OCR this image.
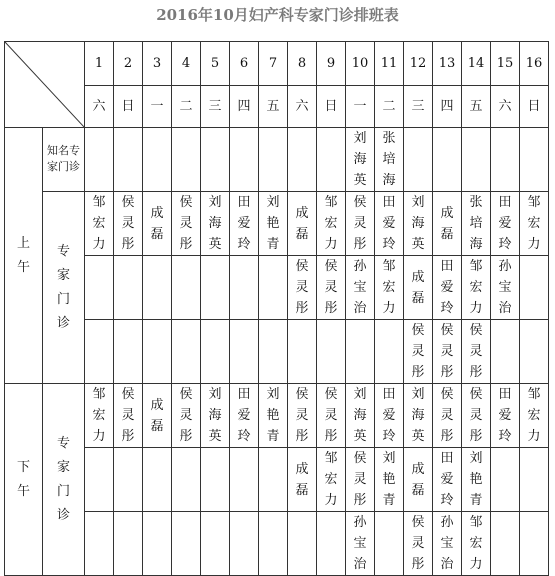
2016年10月妇产科专家门诊排班表
	1	2	3	4	5	6	7	8	9	10	11	12	13	14	15	16
		六	日	一	二	三	四	五	六	日	一	二	三	四	五	六	日
上午	知名专家门诊										刘海英	张培海					
	专家门诊	邹宏力	侯灵彤	成磊	侯灵彤	刘海英	田爱玲	刘艳青	成磊	邹宏力	侯灵彤	田爱玲	刘海英	成磊	张培海	田爱玲	邹宏力
									侯灵彤	侯灵彤	孙宝治	邹宏力	成磊	田爱玲	邹宏力	孙宝治	
													侯灵彤	侯灵彤	侯灵彤		
下午	专家门诊	邹宏力	侯灵彤	成磊	侯灵彤	刘海英	田爱玲	刘艳青	侯灵彤	侯灵彤	刘海英	田爱玲	刘海英	侯灵彤	侯灵彤	田爱玲	邹宏力
									成磊	邹宏力	侯灵彤	刘艳青	成磊	田爱玲	刘艳青		
											孙宝治		侯灵彤	孙宝治	邹宏力		
